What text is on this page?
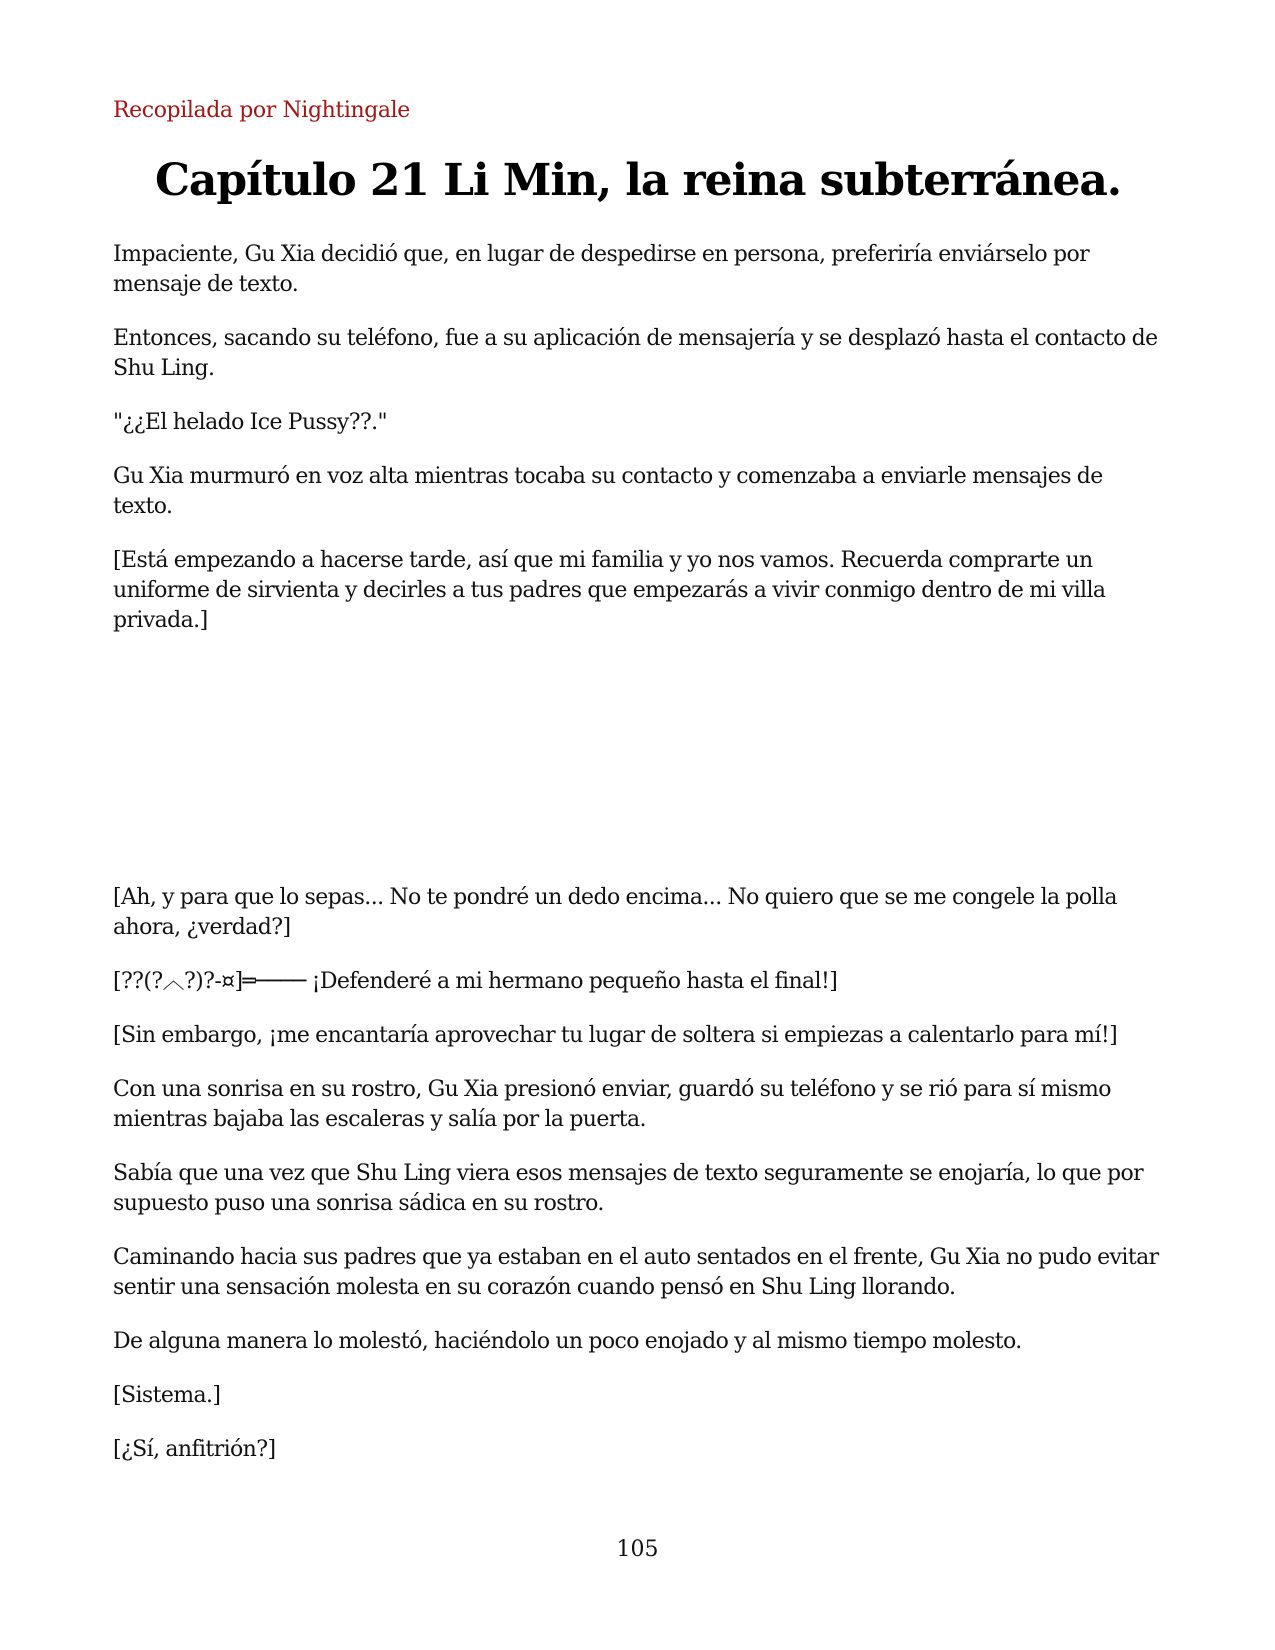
Recopilada por Nightingale
Capítulo 21 Li Min, la reina subterránea.

Impaciente, Gu Xia decidió que, en lugar de despedirse en persona, preferiría enviárselo por mensaje de texto.

Entonces, sacando su teléfono, fue a su aplicación de mensajería y se desplazó hasta el contacto de Shu Ling.

"¿¿El helado Ice Pussy??."

Gu Xia murmuró en voz alta mientras tocaba su contacto y comenzaba a enviarle mensajes de texto.

[Está empezando a hacerse tarde, así que mi familia y yo nos vamos. Recuerda comprarte un uniforme de sirvienta y decirles a tus padres que empezarás a vivir conmigo dentro de mi villa privada.]

[Ah, y para que lo sepas... No te pondré un dedo encima... No quiero que se me congele la polla ahora, ¿verdad?]

[??(?︿?)?-¤]═──── ¡Defenderé a mi hermano pequeño hasta el final!]

[Sin embargo, ¡me encantaría aprovechar tu lugar de soltera si empiezas a calentarlo para mí!]

Con una sonrisa en su rostro, Gu Xia presionó enviar, guardó su teléfono y se rió para sí mismo mientras bajaba las escaleras y salía por la puerta.

Sabía que una vez que Shu Ling viera esos mensajes de texto seguramente se enojaría, lo que por supuesto puso una sonrisa sádica en su rostro.

Caminando hacia sus padres que ya estaban en el auto sentados en el frente, Gu Xia no pudo evitar sentir una sensación molesta en su corazón cuando pensó en Shu Ling llorando.

De alguna manera lo molestó, haciéndolo un poco enojado y al mismo tiempo molesto.

[Sistema.]

[¿Sí, anfitrión?]

105
